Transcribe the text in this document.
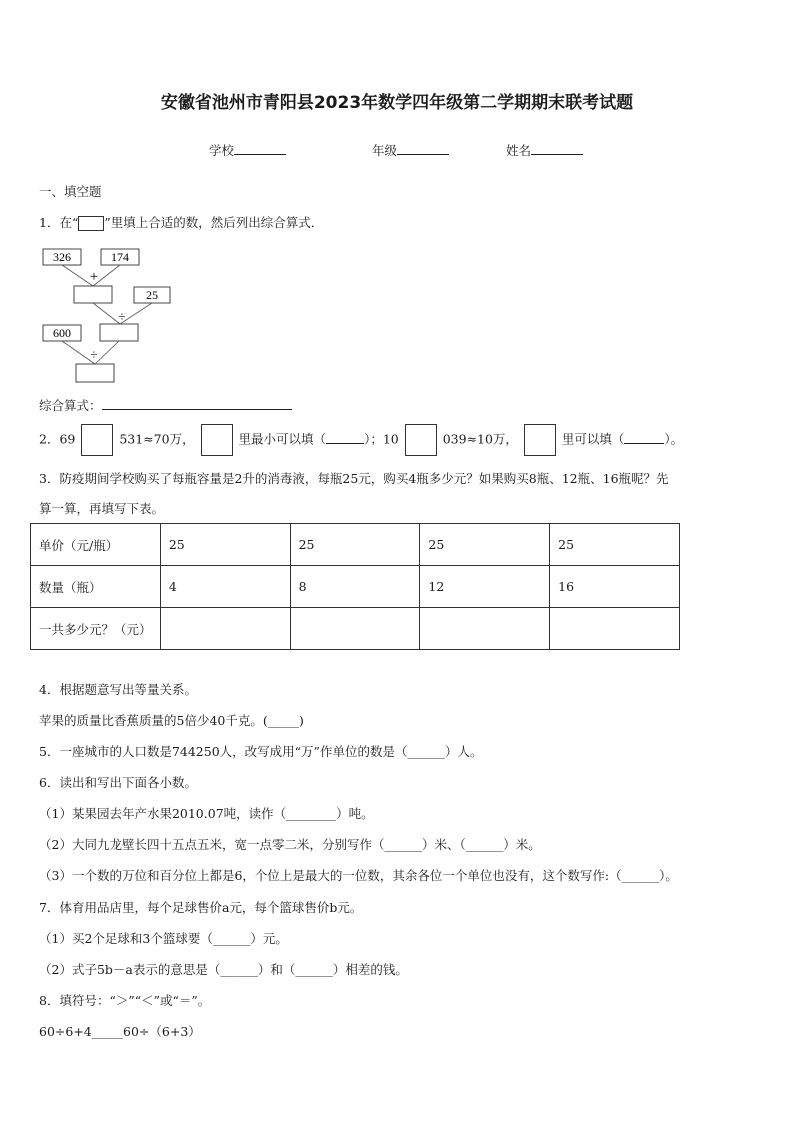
安徽省池州市青阳县2023年数学四年级第二学期期末联考试题
学校	年级	姓名
一、填空题
1．在“ ”里填上合适的数，然后列出综合算式．
326	174
+
25
÷
600
÷
综合算式：
2．69	531≈70万，	里最小可以填（	）；10	039≈10万，	里可以填（	）。
3．防疫期间学校购买了每瓶容量是2升的消毒液，每瓶25元，购买4瓶多少元？如果购买8瓶、12瓶、16瓶呢？先
算一算，再填写下表。
单价（元/瓶）	25	25	25	25
数量（瓶）	4	8	12	16
一共多少元？（元）				
4．根据题意写出等量关系。
苹果的质量比香蕉质量的5倍少40千克。(_____)
5．一座城市的人口数是744250人，改写成用“万”作单位的数是（______）人。
6．读出和写出下面各小数。
（1）某果园去年产水果2010.07吨，读作（________）吨。
（2）大同九龙壁长四十五点五米，宽一点零二米，分别写作（______）米、（______）米。
（3）一个数的万位和百分位上都是6，个位上是最大的一位数，其余各位一个单位也没有，这个数写作:（______）。
7．体育用品店里，每个足球售价a元，每个篮球售价b元。
（1）买2个足球和3个篮球要（______）元。
（2）式子5b－a表示的意思是（______）和（______）相差的钱。
8．填符号：“＞”“＜”或“＝”。
60÷6+4_____60÷（6+3）
